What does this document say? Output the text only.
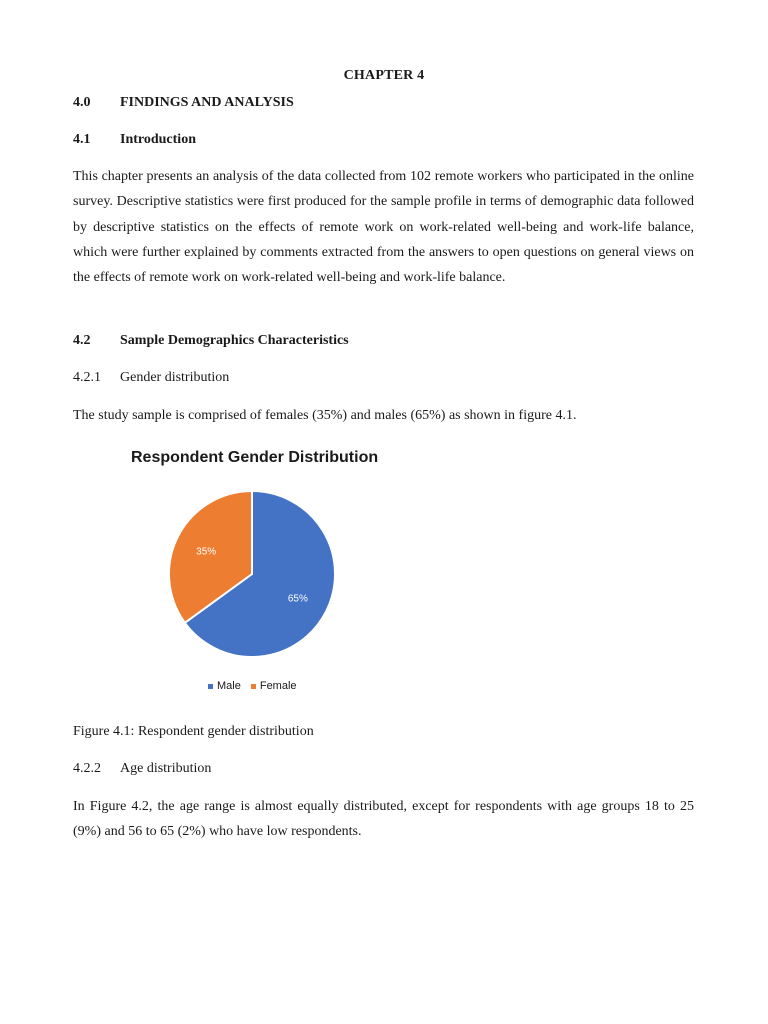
CHAPTER 4
4.0 FINDINGS AND ANALYSIS
4.1 Introduction

This chapter presents an analysis of the data collected from 102 remote workers who participated in the online survey. Descriptive statistics were first produced for the sample profile in terms of demographic data followed by descriptive statistics on the effects of remote work on work-related well-being and work-life balance, which were further explained by comments extracted from the answers to open questions on general views on the effects of remote work on work-related well-being and work-life balance.

4.2 Sample Demographics Characteristics
4.2.1 Gender distribution

The study sample is comprised of females (35%) and males (65%) as shown in figure 4.1.

Respondent Gender Distribution
65%
35%
Male Female

Figure 4.1: Respondent gender distribution

4.2.2 Age distribution

In Figure 4.2, the age range is almost equally distributed, except for respondents with age groups 18 to 25 (9%) and 56 to 65 (2%) who have low respondents.
